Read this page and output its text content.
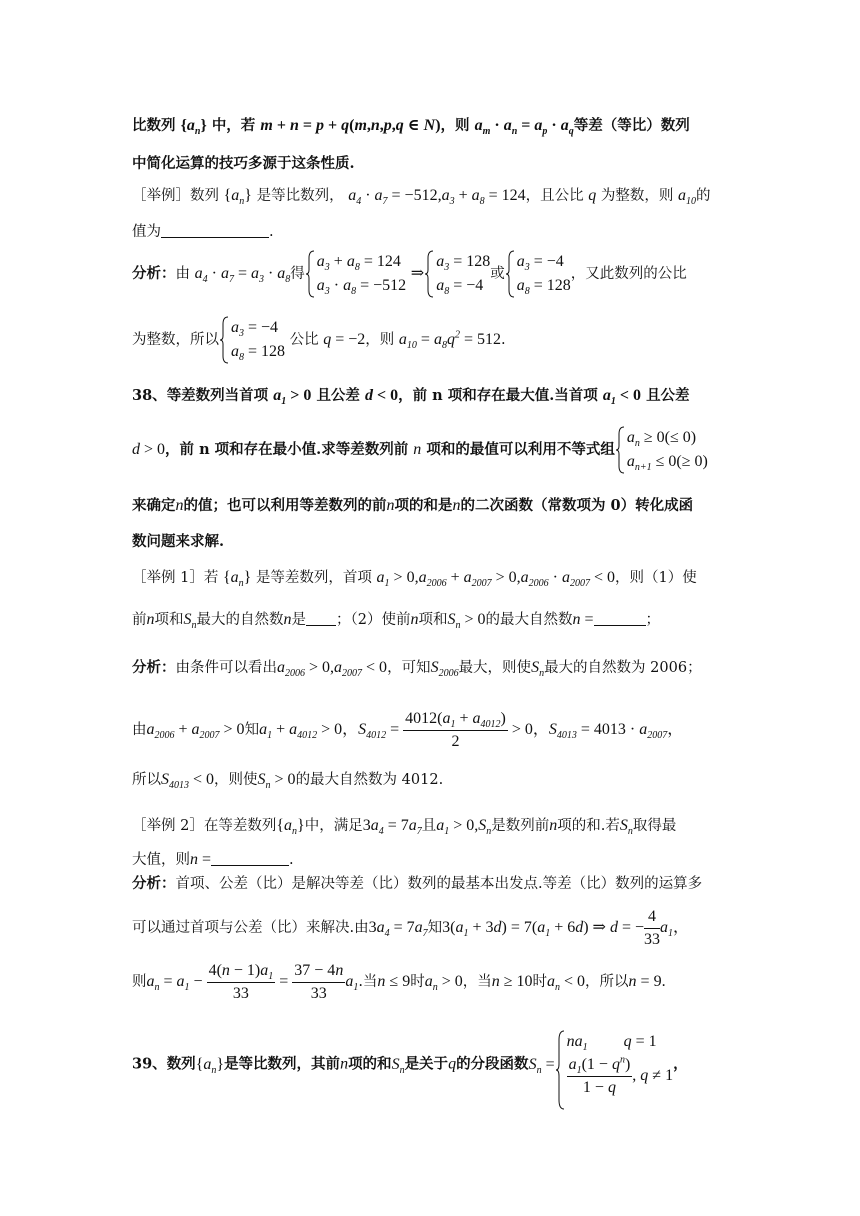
比数列 $\{a_n\}$ 中，若 m + n = p + q(m,n,p,q ∈ N)，则 $a_m \cdot a_n = a_p \cdot a_q$等差（等比）数列
中简化运算的技巧多源于这条性质.
［举例］数列 $\{a_n\}$ 是等比数列， $a_4 \cdot a_7 = -512,a_3 + a_8 = 124$，且公比 q 为整数，则 $a_{10}$的
值为	.
分析：由 $a_4 \cdot a_7 = a_3 \cdot a_8$得
$a_3 + a_8 = 124$
$a_3 \cdot a_8 = -512$
⇒
$a_3 = 128$
$a_8 = -4$
或
$a_3 = -4$
$a_8 = 128$
，又此数列的公比
为整数，所以
$a_3 = -4$
$a_8 = 128$
公比 q = −2，则 $a_{10} = a_8q^2 = 512$.
38、等差数列当首项 $a_1 > 0$ 且公差 d < 0，前 n 项和存在最大值.当首项 $a_1 < 0$ 且公差
d > 0，前 n 项和存在最小值.求等差数列前 n 项和的最值可以利用不等式组
$a_n \ge 0(\le 0)$
$a_{n+1} \le 0(\ge 0)$
来确定n的值；也可以利用等差数列的前n项的和是n的二次函数（常数项为 0）转化成函
数问题来求解.
［举例 1］若 $\{a_n\}$ 是等差数列，首项 $a_1 > 0,a_{2006} + a_{2007} > 0,a_{2006} \cdot a_{2007} < 0$，则（1）使
前n项和$S_n$最大的自然数n是 ；（2）使前n项和$S_n > 0$的最大自然数n =	；
分析：由条件可以看出$a_{2006} > 0,a_{2007} < 0$，可知$S_{2006}$最大，则使$S_n$最大的自然数为 2006；
由$a_{2006} + a_{2007} > 0$知$a_1 + a_{4012} > 0$，$S_{4012} = \frac{4012(a_1 + a_{4012})}{2} > 0$，$S_{4013} = 4013 \cdot a_{2007}$，
所以$S_{4013} < 0$，则使$S_n > 0$的最大自然数为 4012.
［举例 2］在等差数列$\{a_n\}$中，满足$3a_4 = 7a_7$且$a_1 > 0,S_n$是数列前n项的和.若$S_n$取得最
大值，则n =	.
分析：首项、公差（比）是解决等差（比）数列的最基本出发点.等差（比）数列的运算多
可以通过首项与公差（比）来解决.由$3a_4 = 7a_7$知$3(a_1 + 3d) = 7(a_1 + 6d)$ ⇒ d = − $\frac{4}{33} a_1$，
则$a_n = a_1 - \frac{4(n - 1)a_1}{33} = \frac{37 - 4n}{33} a_1$.当n ≤ 9时$a_n > 0$，当n ≥ 10时$a_n < 0$，所以n = 9.
39、数列$\{a_n\}$是等比数列，其前n项的和$S_n$是关于q的分段函数$S_n$ =
$na_1$         q = 1
$\frac{a_1(1 - q^n)}{1 - q}$ , q ≠ 1
，
